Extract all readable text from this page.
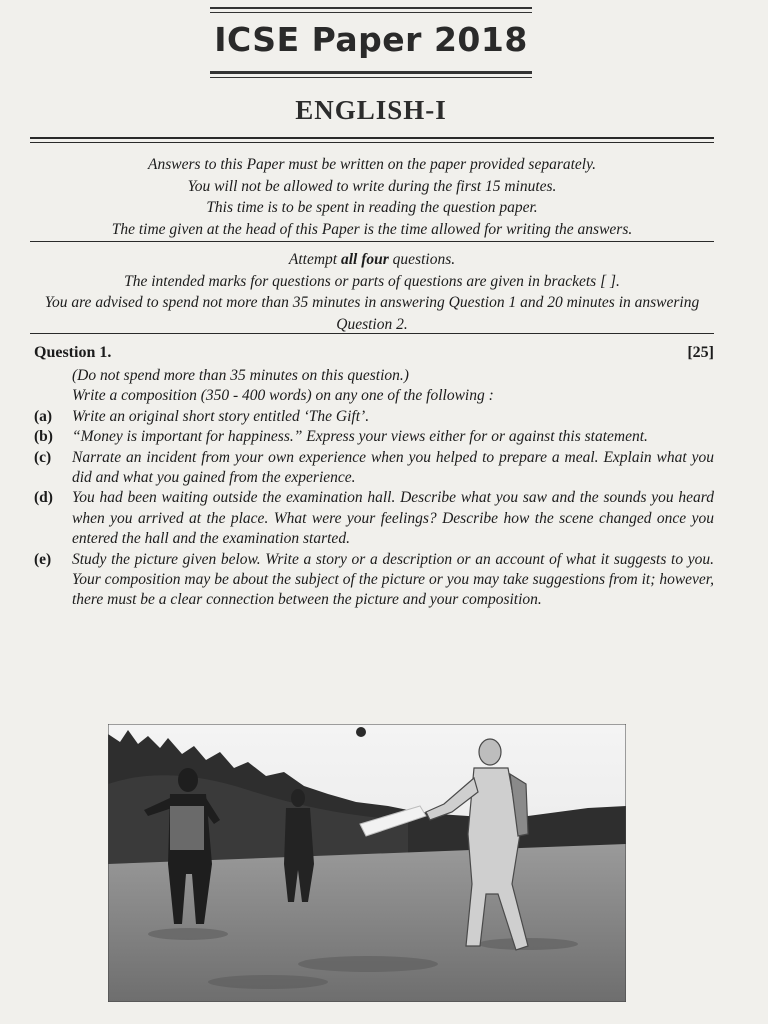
ICSE Paper 2018
ENGLISH-I

Answers to this Paper must be written on the paper provided separately.

You will not be allowed to write during the first 15 minutes.

This time is to be spent in reading the question paper.

The time given at the head of this Paper is the time allowed for writing the answers.

Attempt all four questions.

The intended marks for questions or parts of questions are given in brackets [ ].

You are advised to spend not more than 35 minutes in answering Question 1 and 20 minutes in answering Question 2.

Question 1.	[25]

(Do not spend more than 35 minutes on this question.)

Write a composition (350 - 400 words) on any one of the following :

(a)	Write an original short story entitled ‘The Gift’.
(b)	“Money is important for happiness.” Express your views either for or against this statement.
(c)	Narrate an incident from your own experience when you helped to prepare a meal. Explain what you did and what you gained from the experience.
(d)	You had been waiting outside the examination hall. Describe what you saw and the sounds you heard when you arrived at the place. What were your feelings? Describe how the scene changed once you entered the hall and the examination started.
(e)	Study the picture given below. Write a story or a description or an account of what it suggests to you. Your composition may be about the subject of the picture or you may take suggestions from it; however, there must be a clear connection between the picture and your composition.
